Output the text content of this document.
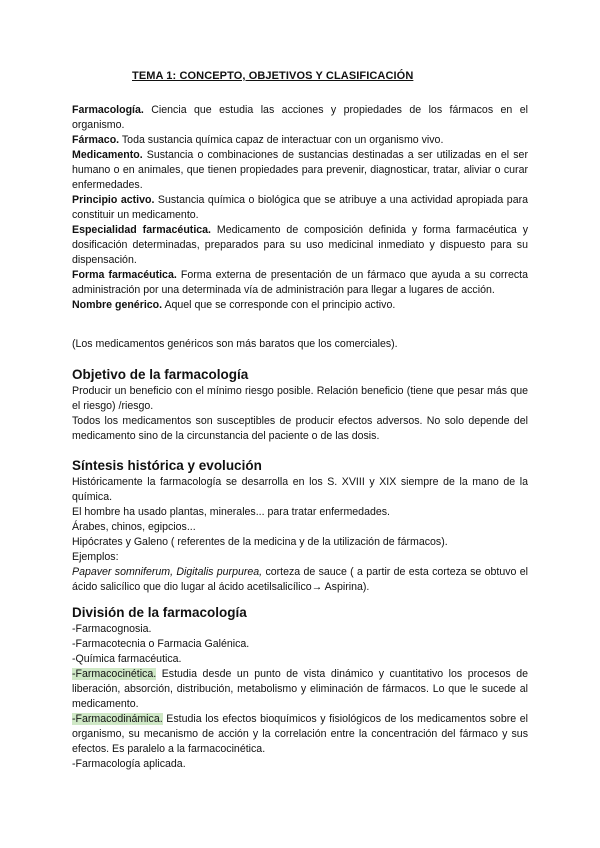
TEMA 1: CONCEPTO, OBJETIVOS Y CLASIFICACIÓN

Farmacología. Ciencia que estudia las acciones y propiedades de los fármacos en el organismo.

Fármaco. Toda sustancia química capaz de interactuar con un organismo vivo.

Medicamento. Sustancia o combinaciones de sustancias destinadas a ser utilizadas en el ser humano o en animales, que tienen propiedades para prevenir, diagnosticar, tratar, aliviar o curar enfermedades.

Principio activo. Sustancia química o biológica que se atribuye a una actividad apropiada para constituir un medicamento.

Especialidad farmacéutica. Medicamento de composición definida y forma farmacéutica y dosificación determinadas, preparados para su uso medicinal inmediato y dispuesto para su dispensación.

Forma farmacéutica. Forma externa de presentación de un fármaco que ayuda a su correcta administración por una determinada vía de administración para llegar a lugares de acción.

Nombre genérico. Aquel que se corresponde con el principio activo.

(Los medicamentos genéricos son más baratos que los comerciales).

Objetivo de la farmacología

Producir un beneficio con el mínimo riesgo posible. Relación beneficio (tiene que pesar más que el riesgo) /riesgo.

Todos los medicamentos son susceptibles de producir efectos adversos. No solo depende del medicamento sino de la circunstancia del paciente o de las dosis.

Síntesis histórica y evolución

Históricamente la farmacología se desarrolla en los S. XVIII y XIX siempre de la mano de la química.

El hombre ha usado plantas, minerales... para tratar enfermedades.

Árabes, chinos, egipcios...

Hipócrates y Galeno ( referentes de la medicina y de la utilización de fármacos).

Ejemplos:

Papaver somniferum, Digitalis purpurea, corteza de sauce ( a partir de esta corteza se obtuvo el ácido salicílico que dio lugar al ácido acetilsalicílico→ Aspirina).

División de la farmacología

-Farmacognosia.

-Farmacotecnia o Farmacia Galénica.

-Química farmacéutica.

-Farmacocinética. Estudia desde un punto de vista dinámico y cuantitativo los procesos de liberación, absorción, distribución, metabolismo y eliminación de fármacos. Lo que le sucede al medicamento.

-Farmacodinámica. Estudia los efectos bioquímicos y fisiológicos de los medicamentos sobre el organismo, su mecanismo de acción y la correlación entre la concentración del fármaco y sus efectos. Es paralelo a la farmacocinética.

-Farmacología aplicada.
